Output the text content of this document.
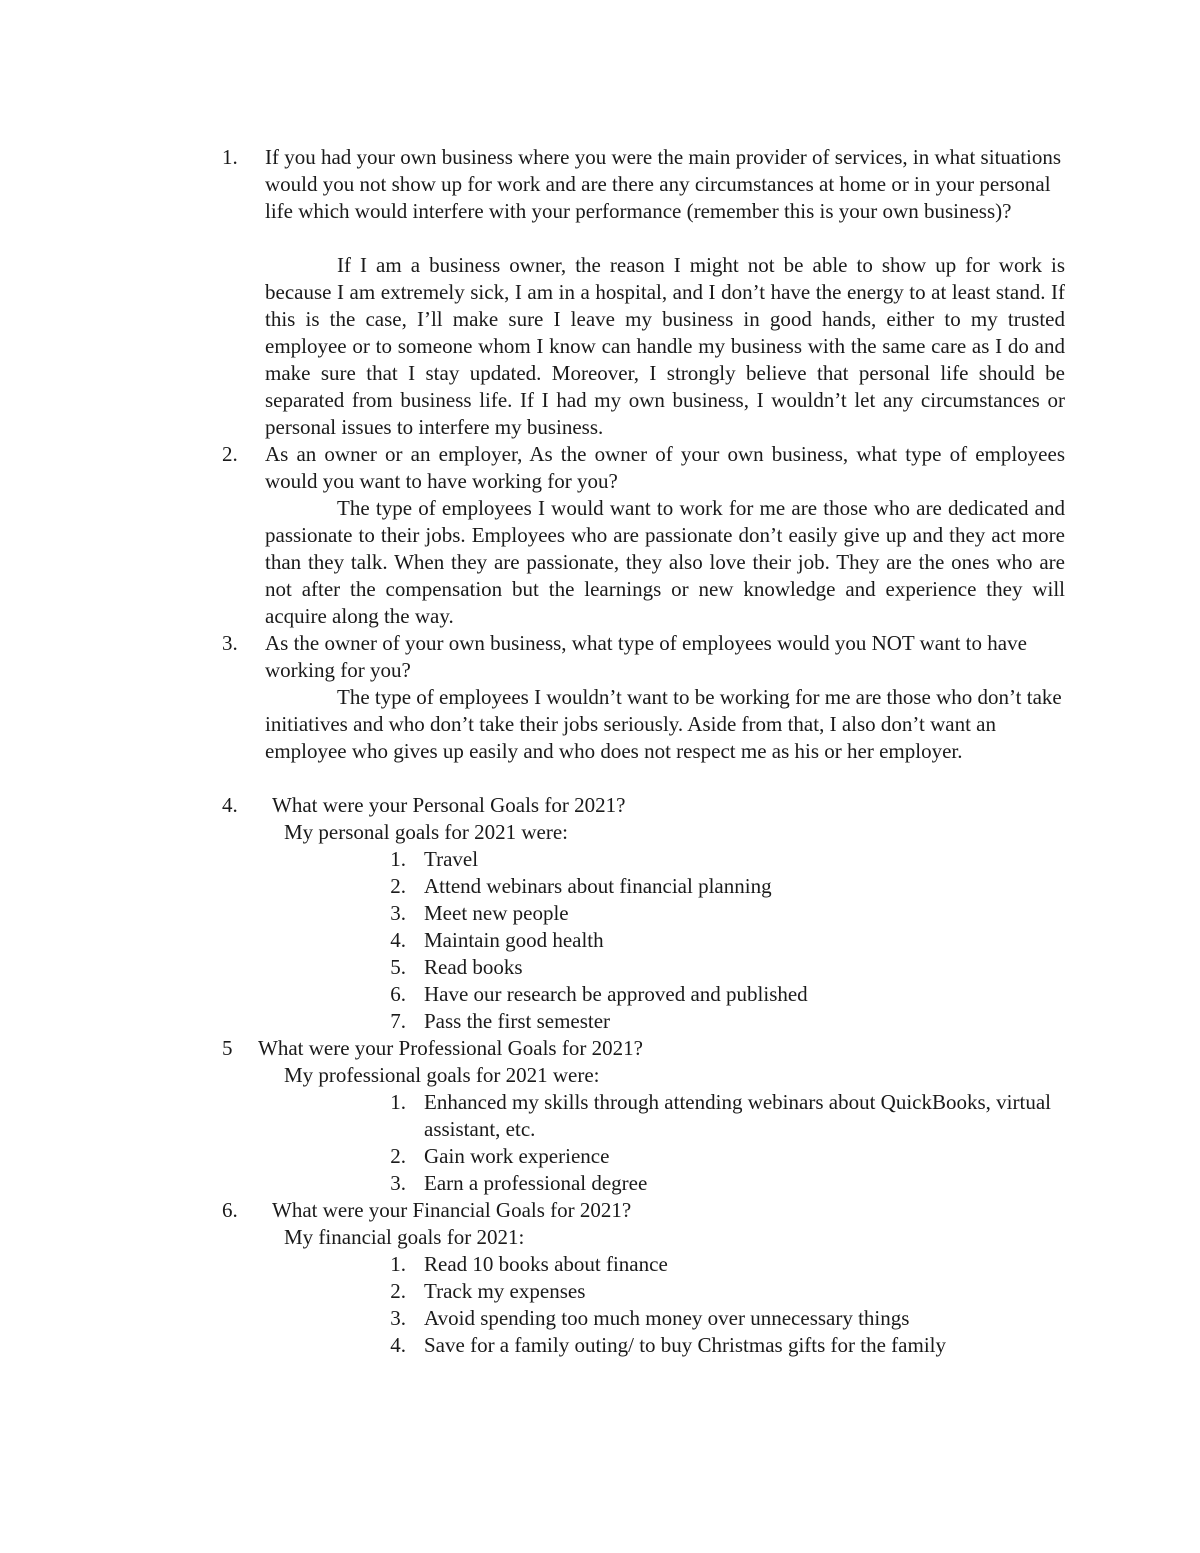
1. If you had your own business where you were the main provider of services, in what situations would you not show up for work and are there any circumstances at home or in your personal life which would interfere with your performance (remember this is your own business)?

If I am a business owner, the reason I might not be able to show up for work is because I am extremely sick, I am in a hospital, and I don’t have the energy to at least stand. If this is the case, I’ll make sure I leave my business in good hands, either to my trusted employee or to someone whom I know can handle my business with the same care as I do and make sure that I stay updated. Moreover, I strongly believe that personal life should be separated from business life. If I had my own business, I wouldn’t let any circumstances or personal issues to interfere my business.

2. As an owner or an employer, As the owner of your own business, what type of employees would you want to have working for you?

The type of employees I would want to work for me are those who are dedicated and passionate to their jobs. Employees who are passionate don’t easily give up and they act more than they talk. When they are passionate, they also love their job. They are the ones who are not after the compensation but the learnings or new knowledge and experience they will acquire along the way.

3. As the owner of your own business, what type of employees would you NOT want to have working for you?

The type of employees I wouldn’t want to be working for me are those who don’t take initiatives and who don’t take their jobs seriously. Aside from that, I also don’t want an employee who gives up easily and who does not respect me as his or her employer.

4. What were your Personal Goals for 2021?
My personal goals for 2021 were:
1. Travel
2. Attend webinars about financial planning
3. Meet new people
4. Maintain good health
5. Read books
6. Have our research be approved and published
7. Pass the first semester
5 What were your Professional Goals for 2021?
My professional goals for 2021 were:
1. Enhanced my skills through attending webinars about QuickBooks, virtual assistant, etc.
2. Gain work experience
3. Earn a professional degree
6. What were your Financial Goals for 2021?
My financial goals for 2021:
1. Read 10 books about finance
2. Track my expenses
3. Avoid spending too much money over unnecessary things
4. Save for a family outing/ to buy Christmas gifts for the family
